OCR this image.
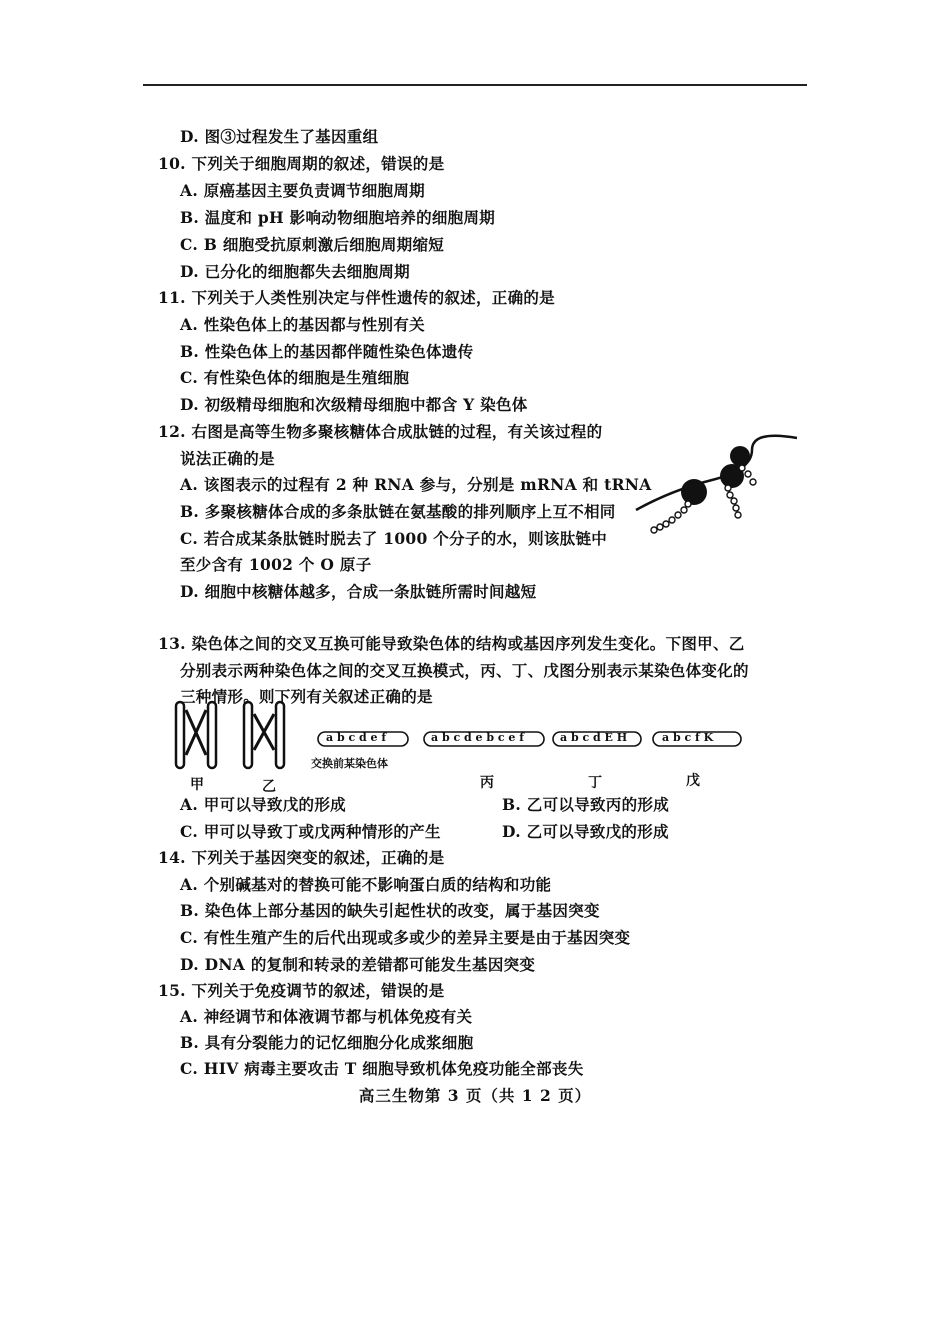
D. 图③过程发生了基因重组
10. 下列关于细胞周期的叙述，错误的是
A. 原癌基因主要负责调节细胞周期
B. 温度和 pH 影响动物细胞培养的细胞周期
C. B 细胞受抗原刺激后细胞周期缩短
D. 已分化的细胞都失去细胞周期
11. 下列关于人类性别决定与伴性遗传的叙述，正确的是
A. 性染色体上的基因都与性别有关
B. 性染色体上的基因都伴随性染色体遗传
C. 有性染色体的细胞是生殖细胞
D. 初级精母细胞和次级精母细胞中都含 Y 染色体
12. 右图是高等生物多聚核糖体合成肽链的过程，有关该过程的
说法正确的是
A. 该图表示的过程有 2 种 RNA 参与，分别是 mRNA 和 tRNA
B. 多聚核糖体合成的多条肽链在氨基酸的排列顺序上互不相同
C. 若合成某条肽链时脱去了 1000 个分子的水，则该肽链中
至少含有 1002 个 O 原子
D. 细胞中核糖体越多，合成一条肽链所需时间越短
13. 染色体之间的交叉互换可能导致染色体的结构或基因序列发生变化。下图甲、乙
分别表示两种染色体之间的交叉互换模式，丙、丁、戊图分别表示某染色体变化的
三种情形。则下列有关叙述正确的是
a b c d e f	a b c d e b c e f	a b c d E H	a b c f K
交换前某染色体
甲	乙	丙	丁	戊
A. 甲可以导致戊的形成	B. 乙可以导致丙的形成
C. 甲可以导致丁或戊两种情形的产生	D. 乙可以导致戊的形成
14. 下列关于基因突变的叙述，正确的是
A. 个别碱基对的替换可能不影响蛋白质的结构和功能
B. 染色体上部分基因的缺失引起性状的改变，属于基因突变
C. 有性生殖产生的后代出现或多或少的差异主要是由于基因突变
D. DNA 的复制和转录的差错都可能发生基因突变
15. 下列关于免疫调节的叙述，错误的是
A. 神经调节和体液调节都与机体免疫有关
B. 具有分裂能力的记忆细胞分化成浆细胞
C. HIV 病毒主要攻击 T 细胞导致机体免疫功能全部丧失
高三生物第 3 页（共 1 2 页）
